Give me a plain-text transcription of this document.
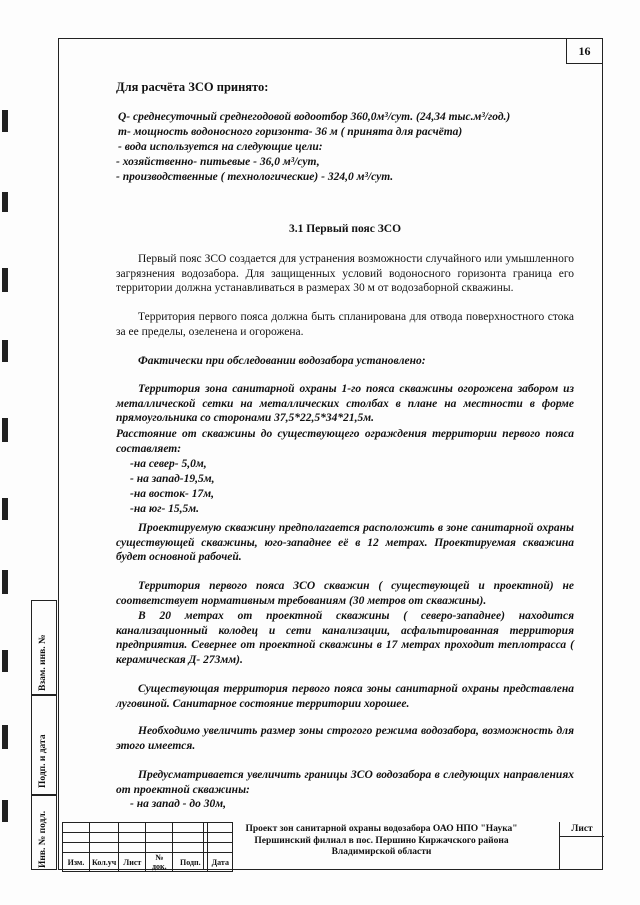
16
Взам. инв. №
Подп. и дата
Инв. № подл.
Для расчёта ЗСО принято:
Q- среднесуточный среднегодовой водоотбор 360,0м³/сут. (24,34 тыс.м³/год.)
m- мощность водоносного горизонта- 36 м ( принята для расчёта)
- вода используется на следующие цели:
- хозяйственно- питьевые - 36,0 м³/сут,
- производственные ( технологические) - 324,0 м³/сут.
3.1 Первый пояс ЗСО
Первый пояс ЗСО создается для устранения возможности случайного или умышленного загрязнения водозабора. Для защищенных условий водоносного горизонта граница его территории должна устанавливаться в размерах 30 м от водозаборной скважины.
Территория первого пояса должна быть спланирована для отвода поверхностного стока за ее пределы, озеленена и огорожена.
Фактически при обследовании водозабора установлено:
Территория зона санитарной охраны 1-го пояса скважины огорожена забором из металлической сетки на металлических столбах в плане на местности в форме прямоугольника со сторонами 37,5*22,5*34*21,5м.
Расстояние от скважины до существующего ограждения территории первого пояса составляет:
-на север- 5,0м,
- на запад-19,5м,
-на восток- 17м,
-на юг- 15,5м.
Проектируемую скважину предполагается расположить в зоне санитарной охраны существующей скважины, юго-западнее её в 12 метрах. Проектируемая скважина будет основной рабочей.
Территория первого пояса ЗСО скважин ( существующей и проектной) не соответствует нормативным требованиям (30 метров от скважины).
В 20 метрах от проектной скважины ( северо-западнее) находится канализационный колодец и сети канализации, асфальтированная территория предприятия. Севернее от проектной скважины в 17 метрах проходит теплотрасса ( керамическая Д- 273мм).
Существующая территория первого пояса зоны санитарной охраны представлена луговиной. Санитарное состояние территории хорошее.
Необходимо увеличить размер зоны строгого режима водозабора, возможность для этого имеется.
Предусматривается увеличить границы ЗСО водозабора в следующих направлениях от проектной скважины:
- на запад - до 30м,

Изм.	Кол.уч	Лист	№ док.	Подп.	Дата
Проект зон санитарной охраны водозабора ОАО НПО "Наука"
Першинский филиал в пос. Першино Киржачского района
Владимирской области
Лист
